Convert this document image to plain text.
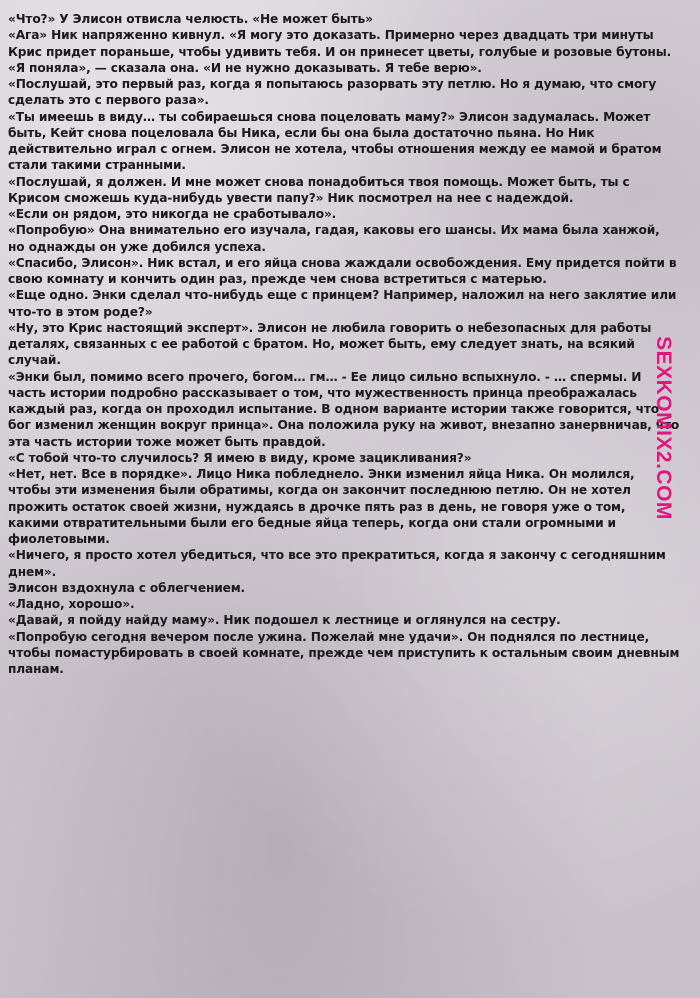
«Что?» У Элисон отвисла челюсть. «Не может быть»

«Ага» Ник напряженно кивнул. «Я могу это доказать. Примерно через двадцать три минуты Крис придет пораньше, чтобы удивить тебя. И он принесет цветы, голубые и розовые бутоны.

«Я поняла», — сказала она. «И не нужно доказывать. Я тебе верю».

«Послушай, это первый раз, когда я попытаюсь разорвать эту петлю. Но я думаю, что смогу сделать это с первого раза».

«Ты имеешь в виду… ты собираешься снова поцеловать маму?» Элисон задумалась. Может быть, Кейт снова поцеловала бы Ника, если бы она была достаточно пьяна. Но Ник действительно играл с огнем. Элисон не хотела, чтобы отношения между ее мамой и братом стали такими странными.

«Послушай, я должен. И мне может снова понадобиться твоя помощь. Может быть, ты с Крисом сможешь куда-нибудь увести папу?» Ник посмотрел на нее с надеждой.

«Если он рядом, это никогда не сработывало».

«Попробую» Она внимательно его изучала, гадая, каковы его шансы. Их мама была ханжой, но однажды он уже добился успеха.

«Спасибо, Элисон». Ник встал, и его яйца снова жаждали освобождения. Ему придется пойти в свою комнату и кончить один раз, прежде чем снова встретиться с матерью.

«Еще одно. Энки сделал что-нибудь еще с принцем? Например, наложил на него заклятие или что-то в этом роде?»

«Ну, это Крис настоящий эксперт». Элисон не любила говорить о небезопасных для работы деталях, связанных с ее работой с братом. Но, может быть, ему следует знать, на всякий случай.

«Энки был, помимо всего прочего, богом… гм… - Ее лицо сильно вспыхнуло. - … спермы. И часть истории подробно рассказывает о том, что мужественность принца преображалась каждый раз, когда он проходил испытание. В одном варианте истории также говорится, что бог изменил женщин вокруг принца». Она положила руку на живот, внезапно занервничав, что эта часть истории тоже может быть правдой.

«С тобой что-то случилось? Я имею в виду, кроме зацикливания?»

«Нет, нет. Все в порядке». Лицо Ника побледнело. Энки изменил яйца Ника. Он молился, чтобы эти изменения были обратимы, когда он закончит последнюю петлю. Он не хотел прожить остаток своей жизни, нуждаясь в дрочке пять раз в день, не говоря уже о том, какими отвратительными были его бедные яйца теперь, когда они стали огромными и фиолетовыми.

«Ничего, я просто хотел убедиться, что все это прекратиться, когда я закончу с сегодняшним днем».

Элисон вздохнула с облегчением.

«Ладно, хорошо».

«Давай, я пойду найду маму». Ник подошел к лестнице и оглянулся на сестру.

«Попробую сегодня вечером после ужина. Пожелай мне удачи». Он поднялся по лестнице, чтобы помастурбировать в своей комнате, прежде чем приступить к остальным своим дневным планам.

SEXKOMIX2.COM
